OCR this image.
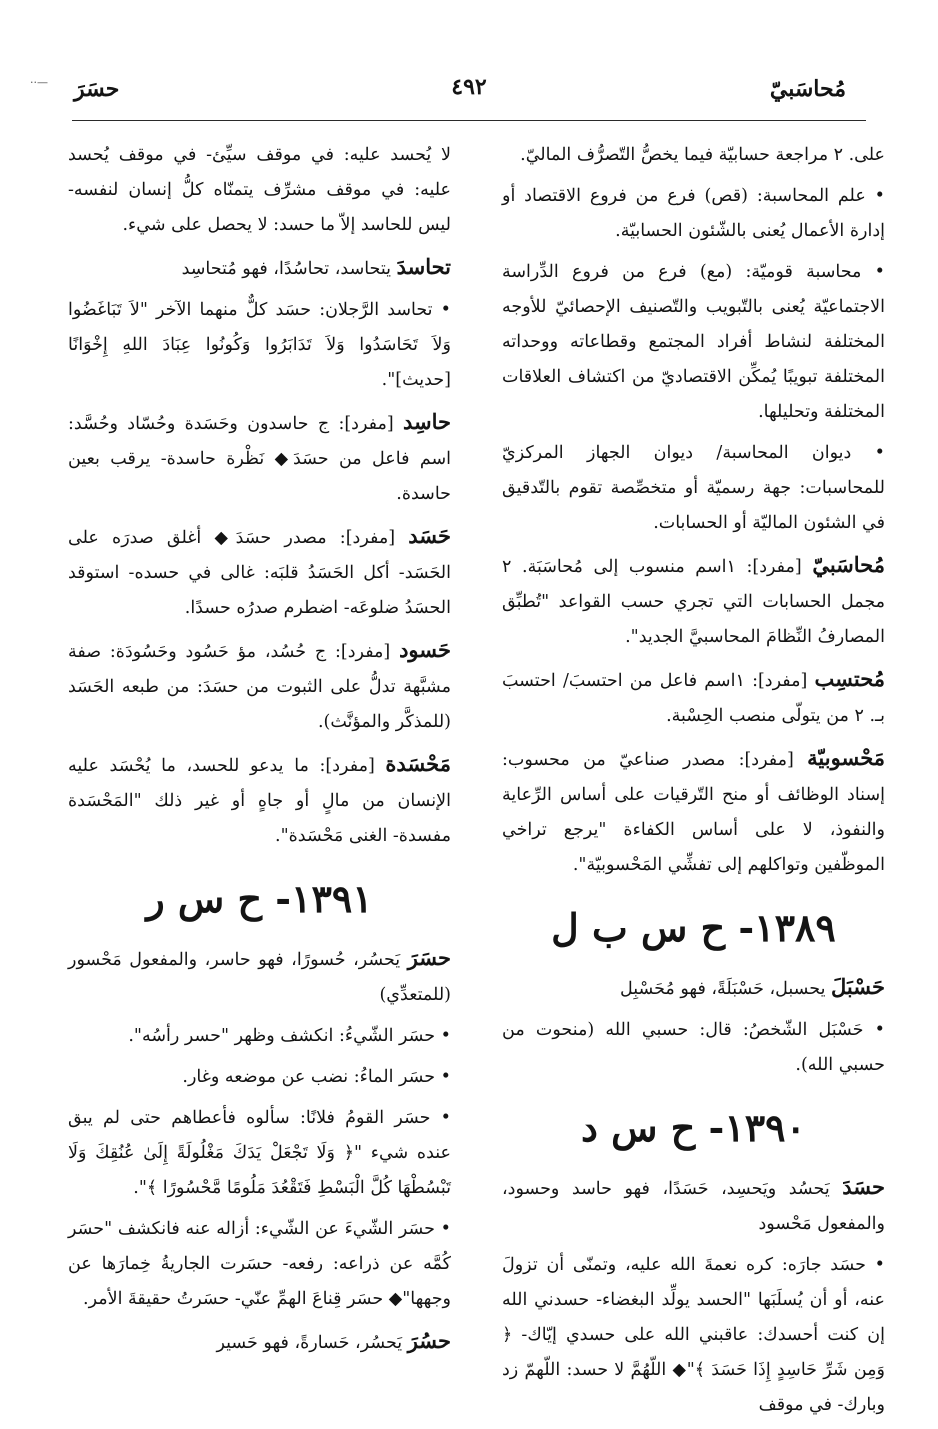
—··	مُحاسَبيّ
٤٩٢
حسَرَ

على. ٢ مراجعة حسابيّة فيما يخصُّ التّصرُّف الماليّ.

• علم المحاسبة: (قص) فرع من فروع الاقتصاد أو إدارة الأعمال يُعنى بالشّئون الحسابيّة.

• محاسبة قوميّة: (مع) فرع من فروع الدِّراسة الاجتماعيّة يُعنى بالتّبويب والتّصنيف الإحصائيّ للأوجه المختلفة لنشاط أفراد المجتمع وقطاعاته ووحداته المختلفة تبويبًا يُمكِّن الاقتصاديّ من اكتشاف العلاقات المختلفة وتحليلها.

• ديوان المحاسبة/ ديوان الجهاز المركزيّ للمحاسبات: جهة رسميّة أو متخصِّصة تقوم بالتّدقيق في الشئون الماليّة أو الحسابات.

مُحاسَبيّ [مفرد]: ١اسم منسوب إلى مُحاسَبَة. ٢ مجمل الحسابات التي تجري حسب القواعد "تُطبِّق المصارفُ النِّظامَ المحاسبيَّ الجديد".

مُحتسِب [مفرد]: ١اسم فاعل من احتسبَ/ احتسبَ بـ. ٢ من يتولّى منصب الحِسْبة.

مَحْسوبيّة [مفرد]: مصدر صناعيّ من محسوب: إسناد الوظائف أو منح التّرقيات على أساس الرِّعاية والنفوذ، لا على أساس الكفاءة "يرجع تراخي الموظّفين وتواكلهم إلى تفشِّي المَحْسوبيّة".

١٣٨٩- ح س ب ل

حَسْبَلَ يحسبل، حَسْبَلَةً، فهو مُحَسْبِل

• حَسْبَل الشّخصُ: قال: حسبي الله (منحوت من حسبي الله).

١٣٩٠- ح س د

حسَدَ يَحسُد ويَحسِد، حَسَدًا، فهو حاسد وحسود، والمفعول مَحْسود

• حسَد جارَه: كره نعمةَ الله عليه، وتمنّى أن تزولَ عنه، أو أن يُسلَبَها "الحسد يولِّد البغضاء- حسدني الله إن كنت أحسدك: عاقبني الله على حسدي إيّاك- ﴿ وَمِن شَرِّ حَاسِدٍ إِذَا حَسَدَ ﴾"◆ اللّهُمَّ لا حسد: اللّهمّ زد وبارك- في موقف

لا يُحسد عليه: في موقف سيِّئ- في موقف يُحسد عليه: في موقف مشرِّف يتمنّاه كلُّ إنسان لنفسه- ليس للحاسد إلاّ ما حسد: لا يحصل على شيء.

تحاسدَ يتحاسد، تحاسُدًا، فهو مُتحاسِد

• تحاسد الرَّجلان: حسَد كلٌّ منهما الآخر "لاَ تَبَاغَضُوا وَلاَ تَحَاسَدُوا وَلاَ تَدَابَرُوا وَكُونُوا عِبَادَ اللهِ إِخْوَانًا [حديث]".

حاسِد [مفرد]: ج حاسدون وحَسَدة وحُسّاد وحُسَّد: اسم فاعل من حسَدَ◆ نَظْرة حاسدة- يرقب بعين حاسدة.

حَسَد [مفرد]: مصدر حسَدَ◆ أغلق صدرَه على الحَسَد- أكل الحَسَدُ قلبَه: غالى في حسده- استوقد الحسَدُ ضلوعَه- اضطرم صدرُه حسدًا.

حَسود [مفرد]: ج حُسُد، مؤ حَسُود وحَسُودَة: صفة مشبَّهة تدلُّ على الثبوت من حسَدَ: من طبعه الحَسَد (للمذكَّر والمؤنَّث).

مَحْسَدة [مفرد]: ما يدعو للحسد، ما يُحْسَد عليه الإنسان من مالٍ أو جاهٍ أو غير ذلك "المَحْسَدة مفسدة- الغنى مَحْسَدة".

١٣٩١- ح س ر

حسَرَ يَحسُر، حُسورًا، فهو حاسر، والمفعول مَحْسور (للمتعدِّي)

• حسَر الشّيءُ: انكشف وظهر "حسر رأسُه".

• حسَر الماءُ: نضب عن موضعه وغار.

• حسَر القومُ فلانًا: سألوه فأعطاهم حتى لم يبق عنده شيء "﴿ وَلَا تَجْعَلْ يَدَكَ مَغْلُولَةً إِلَىٰ عُنُقِكَ وَلَا تَبْسُطْهَا كُلَّ الْبَسْطِ فَتَقْعُدَ مَلُومًا مَّحْسُورًا ﴾".

• حسَر الشّيءَ عن الشّيء: أزاله عنه فانكشف "حسَر كُمَّه عن ذراعه: رفعه- حسَرت الجاريةُ خِمارَها عن وجهها"◆ حسَر قِناعَ الهمِّ عنّي- حسَرتُ حقيقةَ الأمر.

حسُرَ يَحسُر، حَسارةً، فهو حَسير
